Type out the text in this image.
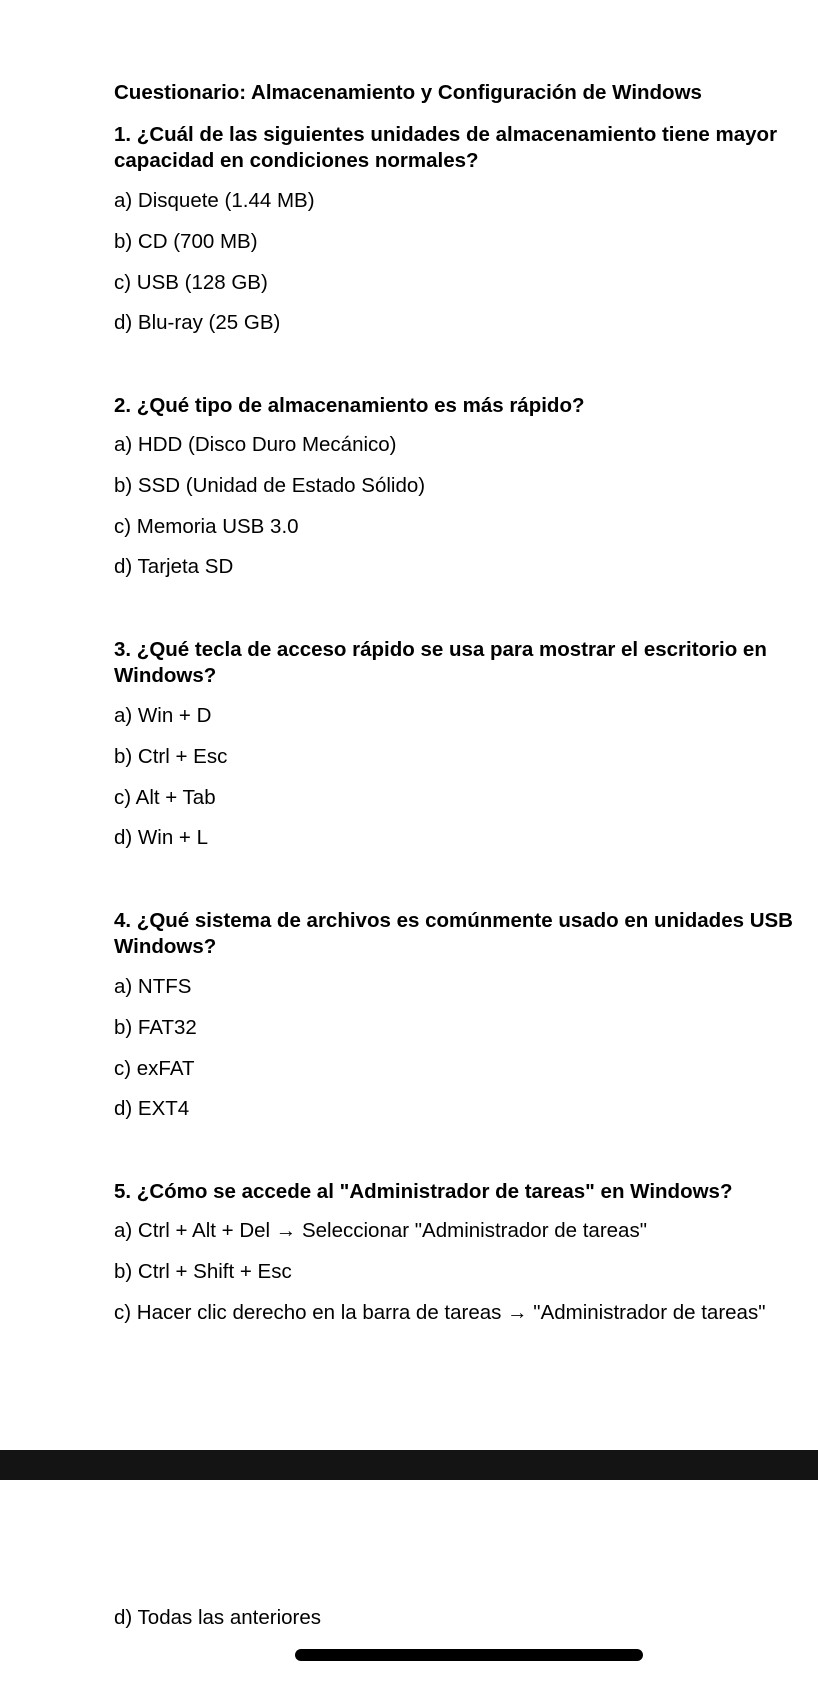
Cuestionario: Almacenamiento y Configuración de Windows
1. ¿Cuál de las siguientes unidades de almacenamiento tiene mayor
capacidad en condiciones normales?
a) Disquete (1.44 MB)
b) CD (700 MB)
c) USB (128 GB)
d) Blu-ray (25 GB)
2. ¿Qué tipo de almacenamiento es más rápido?
a) HDD (Disco Duro Mecánico)
b) SSD (Unidad de Estado Sólido)
c) Memoria USB 3.0
d) Tarjeta SD
3. ¿Qué tecla de acceso rápido se usa para mostrar el escritorio en
Windows?
a) Win + D
b) Ctrl + Esc
c) Alt + Tab
d) Win + L
4. ¿Qué sistema de archivos es comúnmente usado en unidades USB
Windows?
a) NTFS
b) FAT32
c) exFAT
d) EXT4
5. ¿Cómo se accede al "Administrador de tareas" en Windows?
a) Ctrl + Alt + Del → Seleccionar "Administrador de tareas"
b) Ctrl + Shift + Esc
c) Hacer clic derecho en la barra de tareas → "Administrador de tareas"
d) Todas las anteriores
